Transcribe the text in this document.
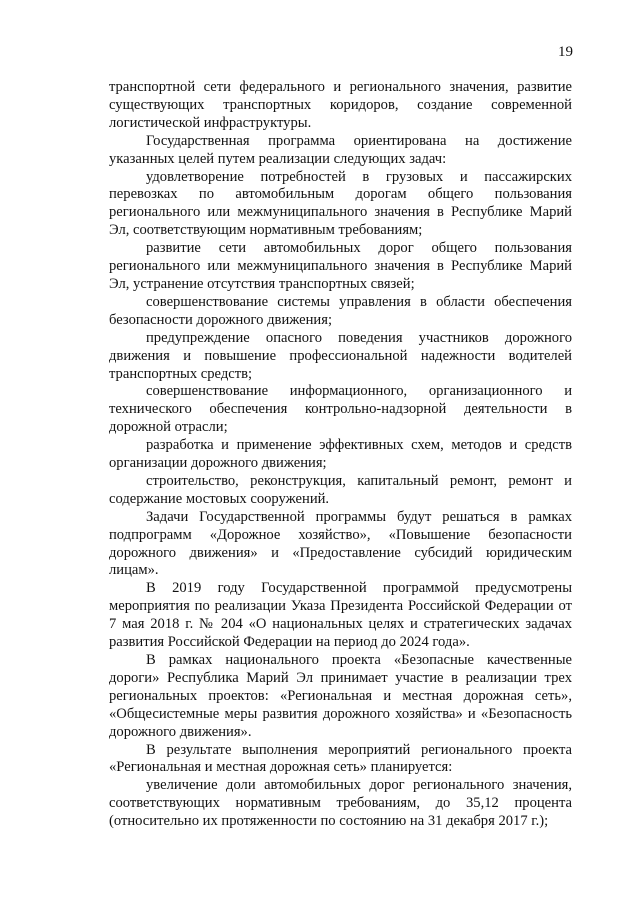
19

транспортной сети федерального и регионального значения, развитие существующих транспортных коридоров, создание современной логистической инфраструктуры.

Государственная программа ориентирована на достижение указанных целей путем реализации следующих задач:

удовлетворение потребностей в грузовых и пассажирских перевозках по автомобильным дорогам общего пользования регионального или межмуниципального значения в Республике Марий Эл, соответствующим нормативным требованиям;

развитие сети автомобильных дорог общего пользования регионального или межмуниципального значения в Республике Марий Эл, устранение отсутствия транспортных связей;

совершенствование системы управления в области обеспечения безопасности дорожного движения;

предупреждение опасного поведения участников дорожного движения и повышение профессиональной надежности водителей транспортных средств;

совершенствование информационного, организационного и технического обеспечения контрольно-надзорной деятельности в дорожной отрасли;

разработка и применение эффективных схем, методов и средств организации дорожного движения;

строительство, реконструкция, капитальный ремонт, ремонт и содержание мостовых сооружений.

Задачи Государственной программы будут решаться в рамках подпрограмм «Дорожное хозяйство», «Повышение безопасности дорожного движения» и «Предоставление субсидий юридическим лицам».

В 2019 году Государственной программой предусмотрены мероприятия по реализации Указа Президента Российской Федерации от 7 мая 2018 г. № 204 «О национальных целях и стратегических задачах развития Российской Федерации на период до 2024 года».

В рамках национального проекта «Безопасные качественные дороги» Республика Марий Эл принимает участие в реализации трех региональных проектов: «Региональная и местная дорожная сеть», «Общесистемные меры развития дорожного хозяйства» и «Безопасность дорожного движения».

В результате выполнения мероприятий регионального проекта «Региональная и местная дорожная сеть» планируется:

увеличение доли автомобильных дорог регионального значения, соответствующих нормативным требованиям, до 35,12 процента (относительно их протяженности по состоянию на 31 декабря 2017 г.);
